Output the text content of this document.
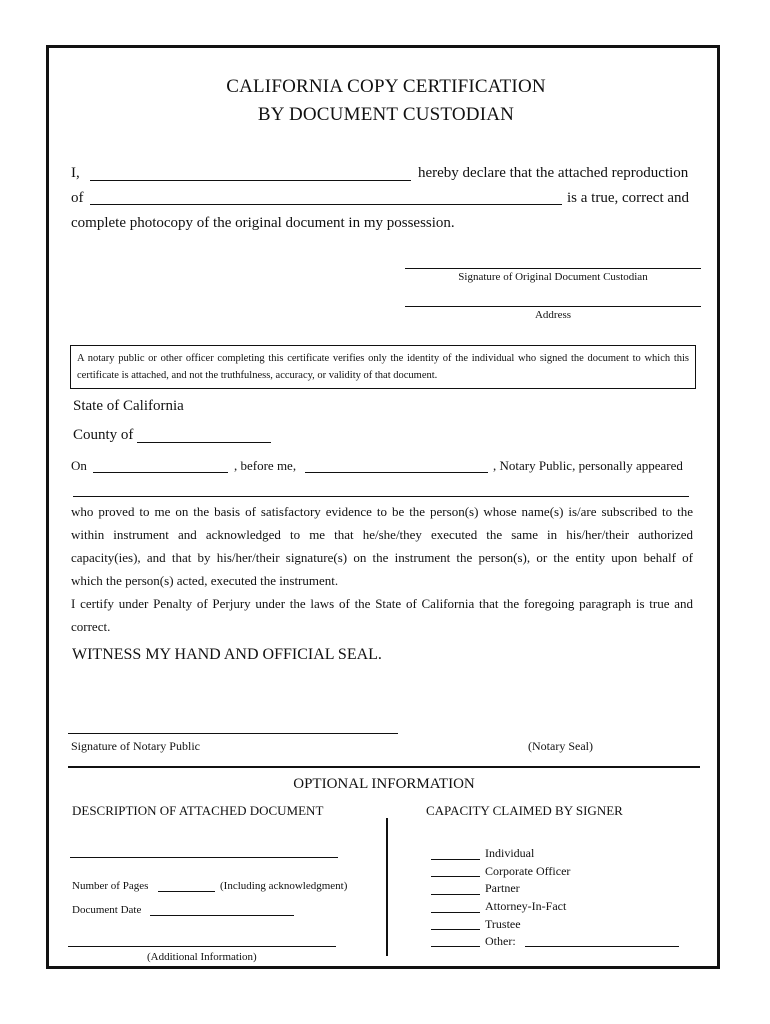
CALIFORNIA COPY CERTIFICATION
BY DOCUMENT CUSTODIAN
I,	hereby declare that the attached reproduction
of	is a true, correct and
complete photocopy of the original document in my possession.
Signature of Original Document Custodian
Address
A notary public or other officer completing this certificate verifies only the identity of the individual who signed the document to which this certificate is attached, and not the truthfulness, accuracy, or validity of that document.
State of California
County of
On	, before me,	, Notary Public, personally appeared
who proved to me on the basis of satisfactory evidence to be the person(s) whose name(s) is/are subscribed to the
within instrument and acknowledged to me that he/she/they executed the same in his/her/their authorized
capacity(ies), and that by his/her/their signature(s) on the instrument the person(s), or the entity upon behalf of
which the person(s) acted, executed the instrument.
I certify under Penalty of Perjury under the laws of the State of California that the foregoing paragraph is true and
correct.
WITNESS MY HAND AND OFFICIAL SEAL.
Signature of Notary Public	(Notary Seal)
OPTIONAL INFORMATION
DESCRIPTION OF ATTACHED DOCUMENT	CAPACITY CLAIMED BY SIGNER
Number of Pages	(Including acknowledgment)
Document Date
(Additional Information)
Individual
Corporate Officer
Partner
Attorney-In-Fact
Trustee
Other:
